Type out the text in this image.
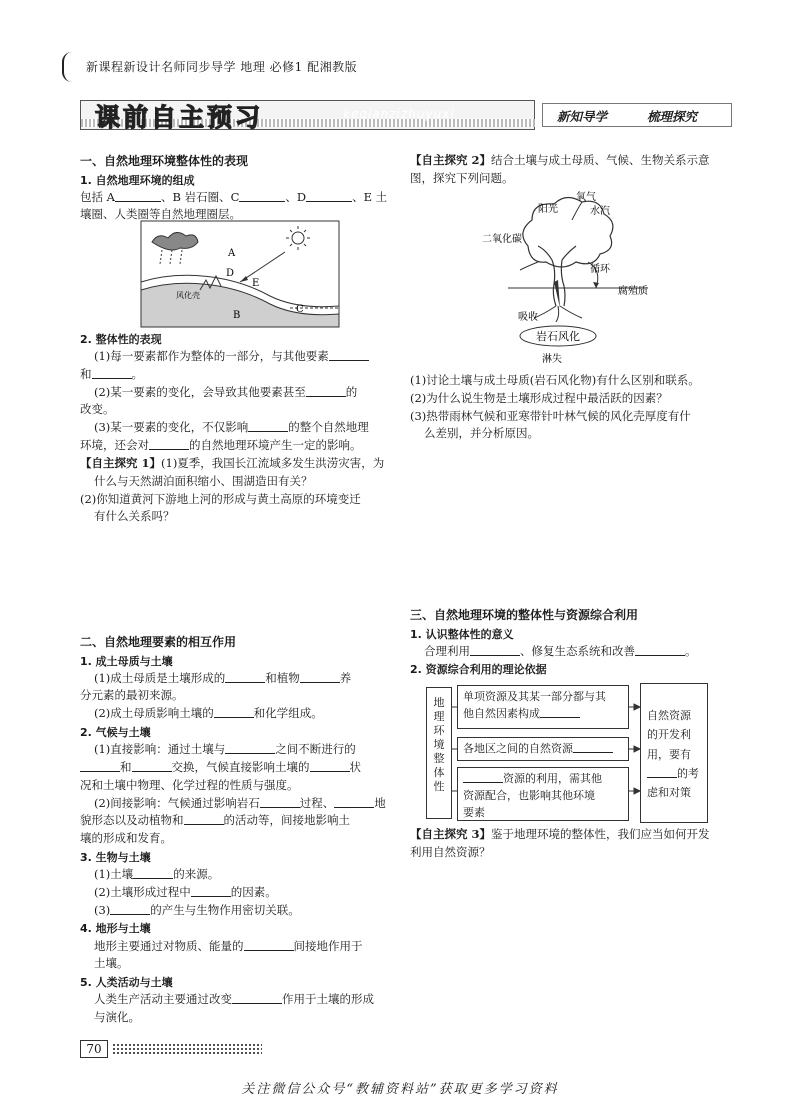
新课程新设计名师同步导学 地理 必修1 配湘教版
课前自主预习	keqianzizhuyuxi	新知导学	梳理探究
一、自然地理环境整体性的表现
1. 自然地理环境的组成
包括 A	、B 岩石圈、C	、D	、E 土
壤圈、人类圈等自然地理圈层。
A
B
C
D
E
风化壳
2. 整体性的表现
(1)每一要素都作为整体的一部分，与其他要素
和	。
(2)某一要素的变化，会导致其他要素甚至	的
改变。
(3)某一要素的变化，不仅影响	的整个自然地理
环境，还会对	的自然地理环境产生一定的影响。
【自主探究 1】(1)夏季，我国长江流域多发生洪涝灾害，为
什么与天然湖泊面积缩小、围湖造田有关？
(2)你知道黄河下游地上河的形成与黄土高原的环境变迁
有什么关系吗？
二、自然地理要素的相互作用
1. 成土母质与土壤
(1)成土母质是土壤形成的	和植物	养
分元素的最初来源。
(2)成土母质影响土壤的	和化学组成。
2. 气候与土壤
(1)直接影响：通过土壤与	之间不断进行的
和	交换，气候直接影响土壤的	状
况和土壤中物理、化学过程的性质与强度。
(2)间接影响：气候通过影响岩石	过程、	地
貌形态以及动植物和	的活动等，间接地影响土
壤的形成和发育。
3. 生物与土壤
(1)土壤	的来源。
(2)土壤形成过程中	的因素。
(3)	的产生与生物作用密切关联。
4. 地形与土壤
地形主要通过对物质、能量的	间接地作用于
土壤。
5. 人类活动与土壤
人类生产活动主要通过改变	作用于土壤的形成
与演化。
【自主探究 2】结合土壤与成土母质、气候、生物关系示意
图，探究下列问题。
阳光
氧气
水汽
二氧化碳
循环
腐殖质
吸收
岩石风化
淋失
(1)讨论土壤与成土母质(岩石风化物)有什么区别和联系。
(2)为什么说生物是土壤形成过程中最活跃的因素？
(3)热带雨林气候和亚寒带针叶林气候的风化壳厚度有什
么差别，并分析原因。
三、自然地理环境的整体性与资源综合利用
1. 认识整体性的意义
合理利用	、修复生态系统和改善	。
2. 资源综合利用的理论依据
地理环境整体性
单项资源及其某一部分都与其
他自然因素构成
各地区之间的自然资源
资源的利用，需其他
资源配合，也影响其他环境
要素
自然资源
的开发利
用，要有
的考
虑和对策
【自主探究 3】鉴于地理环境的整体性，我们应当如何开发
利用自然资源？
70
关注微信公众号“教辅资料站”获取更多学习资料
